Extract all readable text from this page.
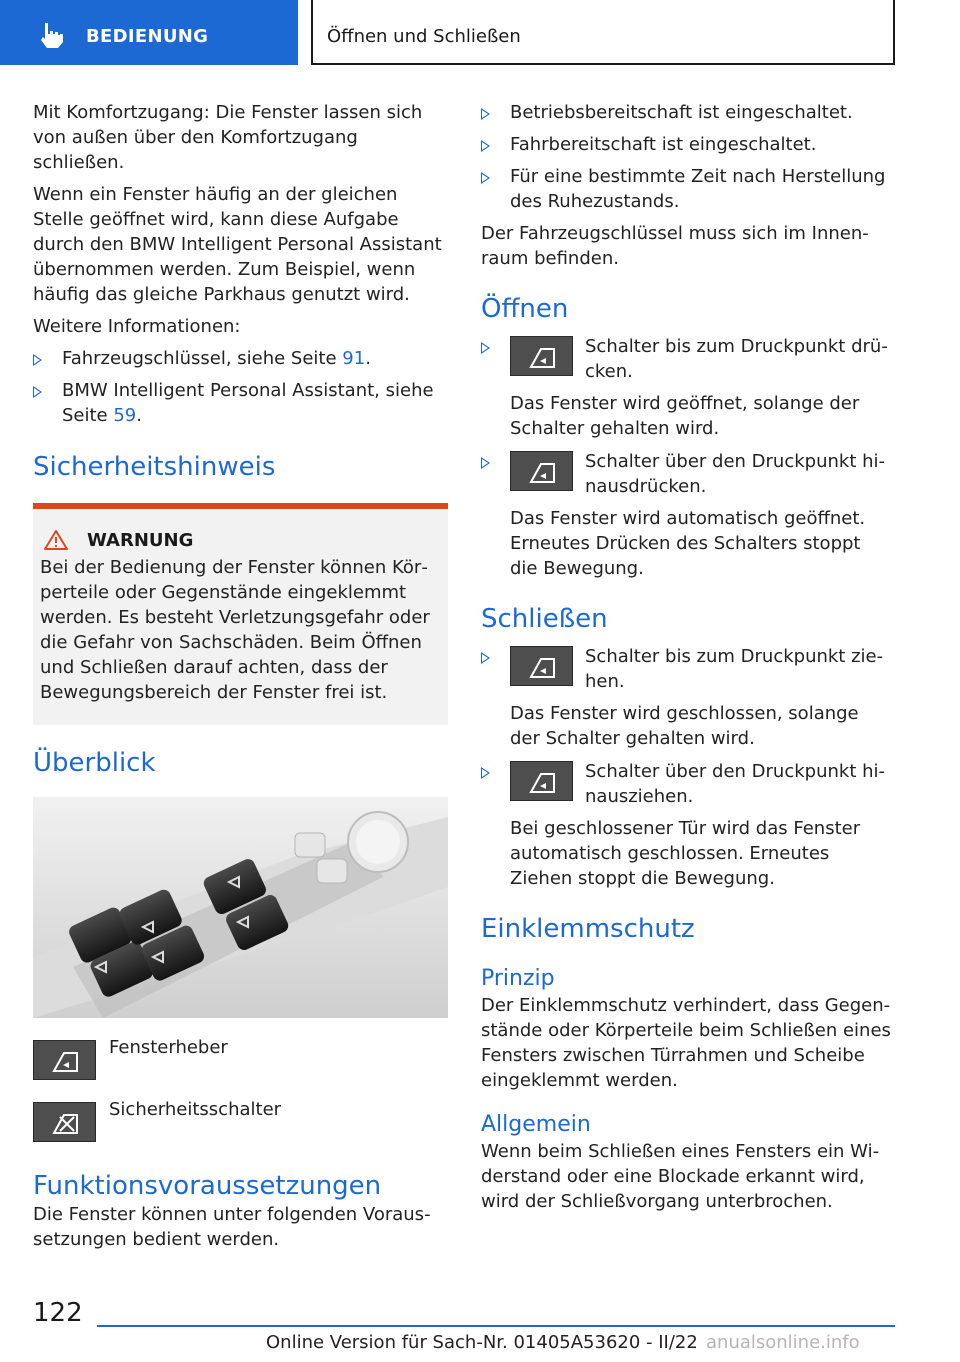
BEDIENUNG	Öffnen und Schließen

Mit Komfortzugang: Die Fenster lassen sich von außen über den Komfortzugang schließen.

Wenn ein Fenster häufig an der gleichen Stelle geöffnet wird, kann diese Aufgabe durch den BMW Intelligent Personal Assistant übernommen werden. Zum Beispiel, wenn häufig das gleiche Parkhaus genutzt wird.

Weitere Informationen:

Fahrzeugschlüssel, siehe Seite 91.
BMW Intelligent Personal Assistant, siehe Seite 59.
Sicherheitshinweis
WARNUNG

Bei der Bedienung der Fenster können Körperteile oder Gegenstände eingeklemmt werden. Es besteht Verletzungsgefahr oder die Gefahr von Sachschäden. Beim Öffnen und Schließen darauf achten, dass der Bewegungsbereich der Fenster frei ist.

Überblick
Fensterheber
Sicherheitsschalter
Funktionsvoraussetzungen

Die Fenster können unter folgenden Voraussetzungen bedient werden.

Betriebsbereitschaft ist eingeschaltet.
Fahrbereitschaft ist eingeschaltet.
Für eine bestimmte Zeit nach Herstellung des Ruhezustands.

Der Fahrzeugschlüssel muss sich im Innenraum befinden.

Öffnen
Schalter bis zum Druckpunkt drücken.
Das Fenster wird geöffnet, solange der Schalter gehalten wird.
Schalter über den Druckpunkt hinausdrücken.
Das Fenster wird automatisch geöffnet. Erneutes Drücken des Schalters stoppt die Bewegung.
Schließen
Schalter bis zum Druckpunkt ziehen.
Das Fenster wird geschlossen, solange der Schalter gehalten wird.
Schalter über den Druckpunkt hinausziehen.
Bei geschlossener Tür wird das Fenster automatisch geschlossen. Erneutes Ziehen stoppt die Bewegung.
Einklemmschutz
Prinzip

Der Einklemmschutz verhindert, dass Gegenstände oder Körperteile beim Schließen eines Fensters zwischen Türrahmen und Scheibe eingeklemmt werden.

Allgemein

Wenn beim Schließen eines Fensters ein Widerstand oder eine Blockade erkannt wird, wird der Schließvorgang unterbrochen.

122
Online Version für Sach-Nr. 01405A53620 - II/22 anualsonline.info
